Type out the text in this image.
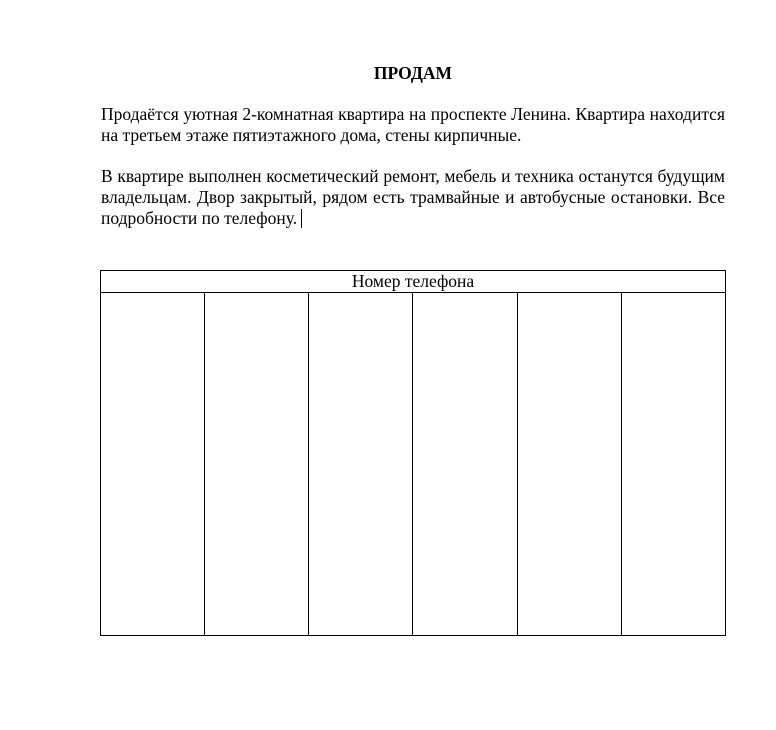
ПРОДАМ

Продаётся уютная 2-комнатная квартира на проспекте Ленина. Квартира находится на третьем этаже пятиэтажного дома, стены кирпичные.

В квартире выполнен косметический ремонт, мебель и техника останутся будущим владельцам. Двор закрытый, рядом есть трамвайные и автобусные остановки. Все подробности по телефону.

Номер телефона
